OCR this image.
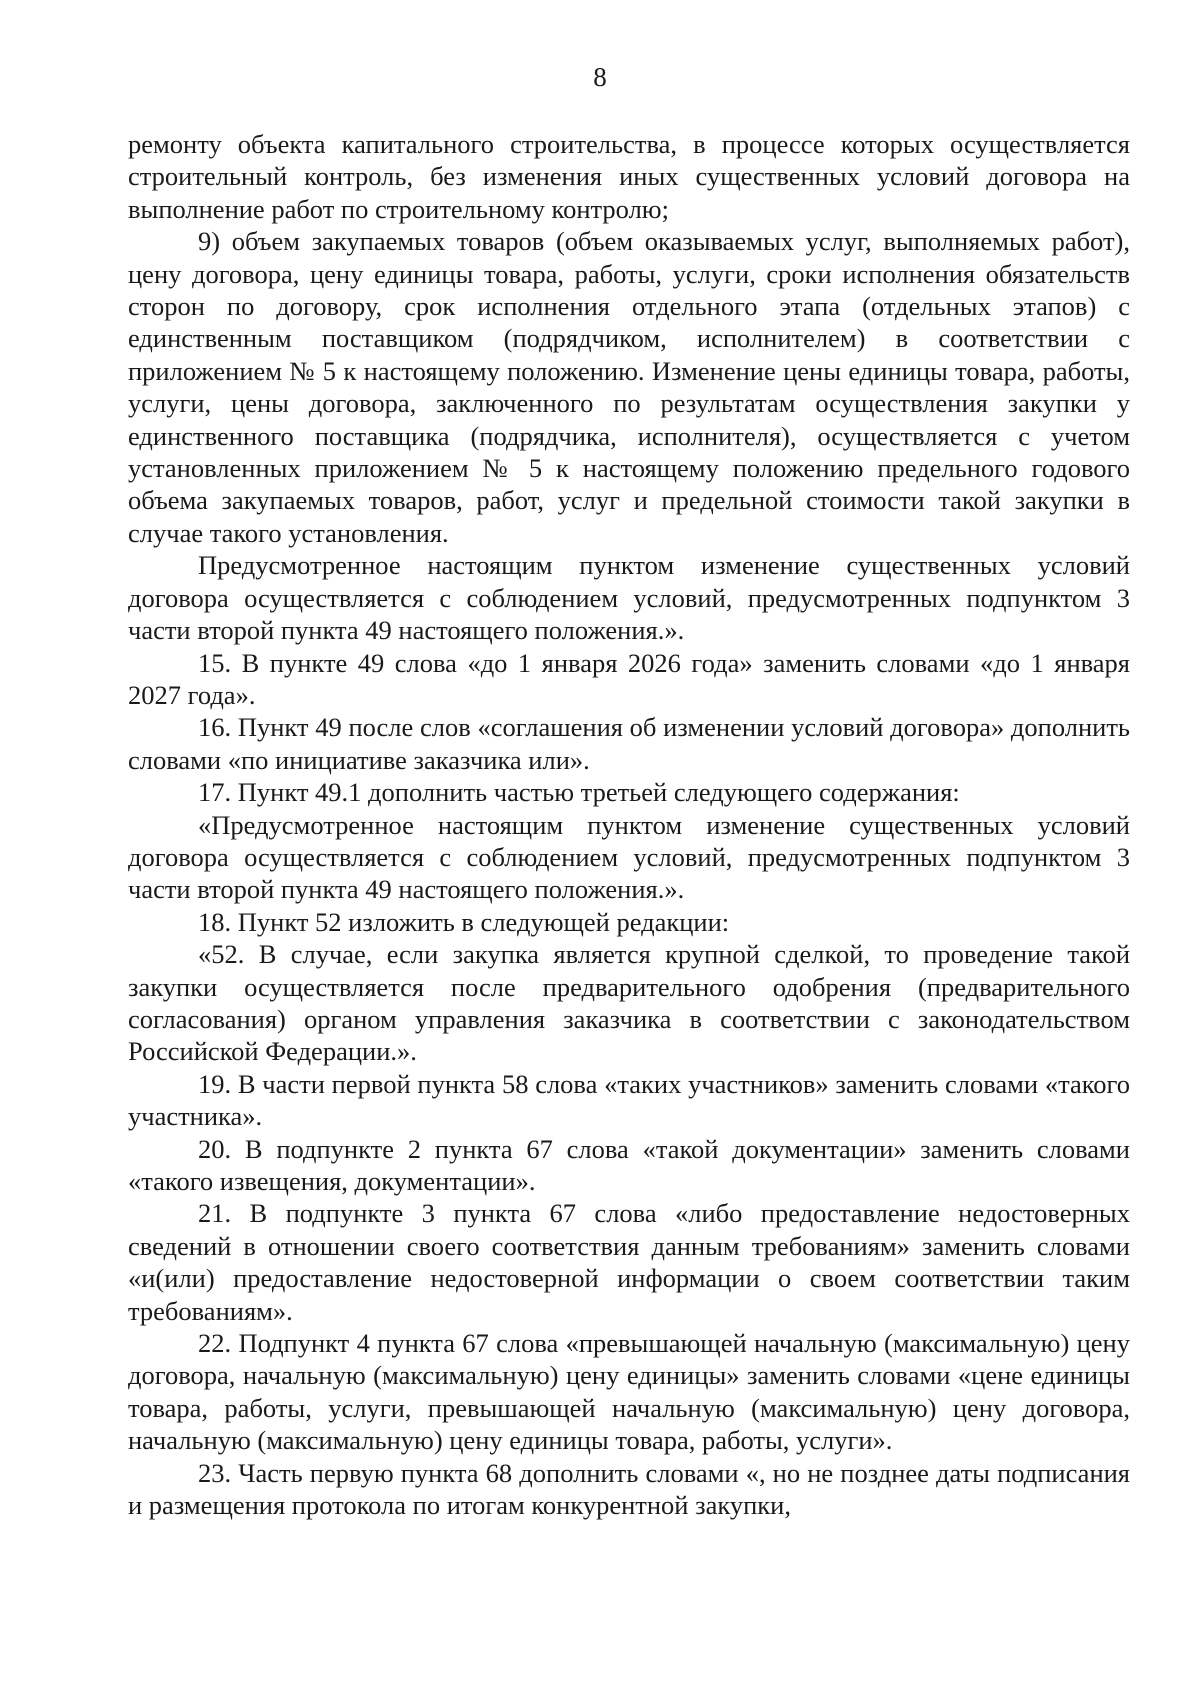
8

ремонту объекта капитального строительства, в процессе которых осуществляется строительный контроль, без изменения иных существенных условий договора на выполнение работ по строительному контролю;

9) объем закупаемых товаров (объем оказываемых услуг, выполняемых работ), цену договора, цену единицы товара, работы, услуги, сроки исполнения обязательств сторон по договору, срок исполнения отдельного этапа (отдельных этапов) с единственным поставщиком (подрядчиком, исполнителем) в соответствии с приложением № 5 к настоящему положению. Изменение цены единицы товара, работы, услуги, цены договора, заключенного по результатам осуществления закупки у единственного поставщика (подрядчика, исполнителя), осуществляется с учетом установленных приложением № 5 к настоящему положению предельного годового объема закупаемых товаров, работ, услуг и предельной стоимости такой закупки в случае такого установления.

Предусмотренное настоящим пунктом изменение существенных условий договора осуществляется с соблюдением условий, предусмотренных подпунктом 3 части второй пункта 49 настоящего положения.».

15. В пункте 49 слова «до 1 января 2026 года» заменить словами «до 1 января 2027 года».

16. Пункт 49 после слов «соглашения об изменении условий договора» дополнить словами «по инициативе заказчика или».

17. Пункт 49.1 дополнить частью третьей следующего содержания:

«Предусмотренное настоящим пунктом изменение существенных условий договора осуществляется с соблюдением условий, предусмотренных подпунктом 3 части второй пункта 49 настоящего положения.».

18. Пункт 52 изложить в следующей редакции:

«52. В случае, если закупка является крупной сделкой, то проведение такой закупки осуществляется после предварительного одобрения (предварительного согласования) органом управления заказчика в соответствии с законодательством Российской Федерации.».

19. В части первой пункта 58 слова «таких участников» заменить словами «такого участника».

20. В подпункте 2 пункта 67 слова «такой документации» заменить словами «такого извещения, документации».

21. В подпункте 3 пункта 67 слова «либо предоставление недостоверных сведений в отношении своего соответствия данным требованиям» заменить словами «и(или) предоставление недостоверной информации о своем соответствии таким требованиям».

22. Подпункт 4 пункта 67 слова «превышающей начальную (максимальную) цену договора, начальную (максимальную) цену единицы» заменить словами «цене единицы товара, работы, услуги, превышающей начальную (максимальную) цену договора, начальную (максимальную) цену единицы товара, работы, услуги».

23. Часть первую пункта 68 дополнить словами «, но не позднее даты подписания и размещения протокола по итогам конкурентной закупки,
